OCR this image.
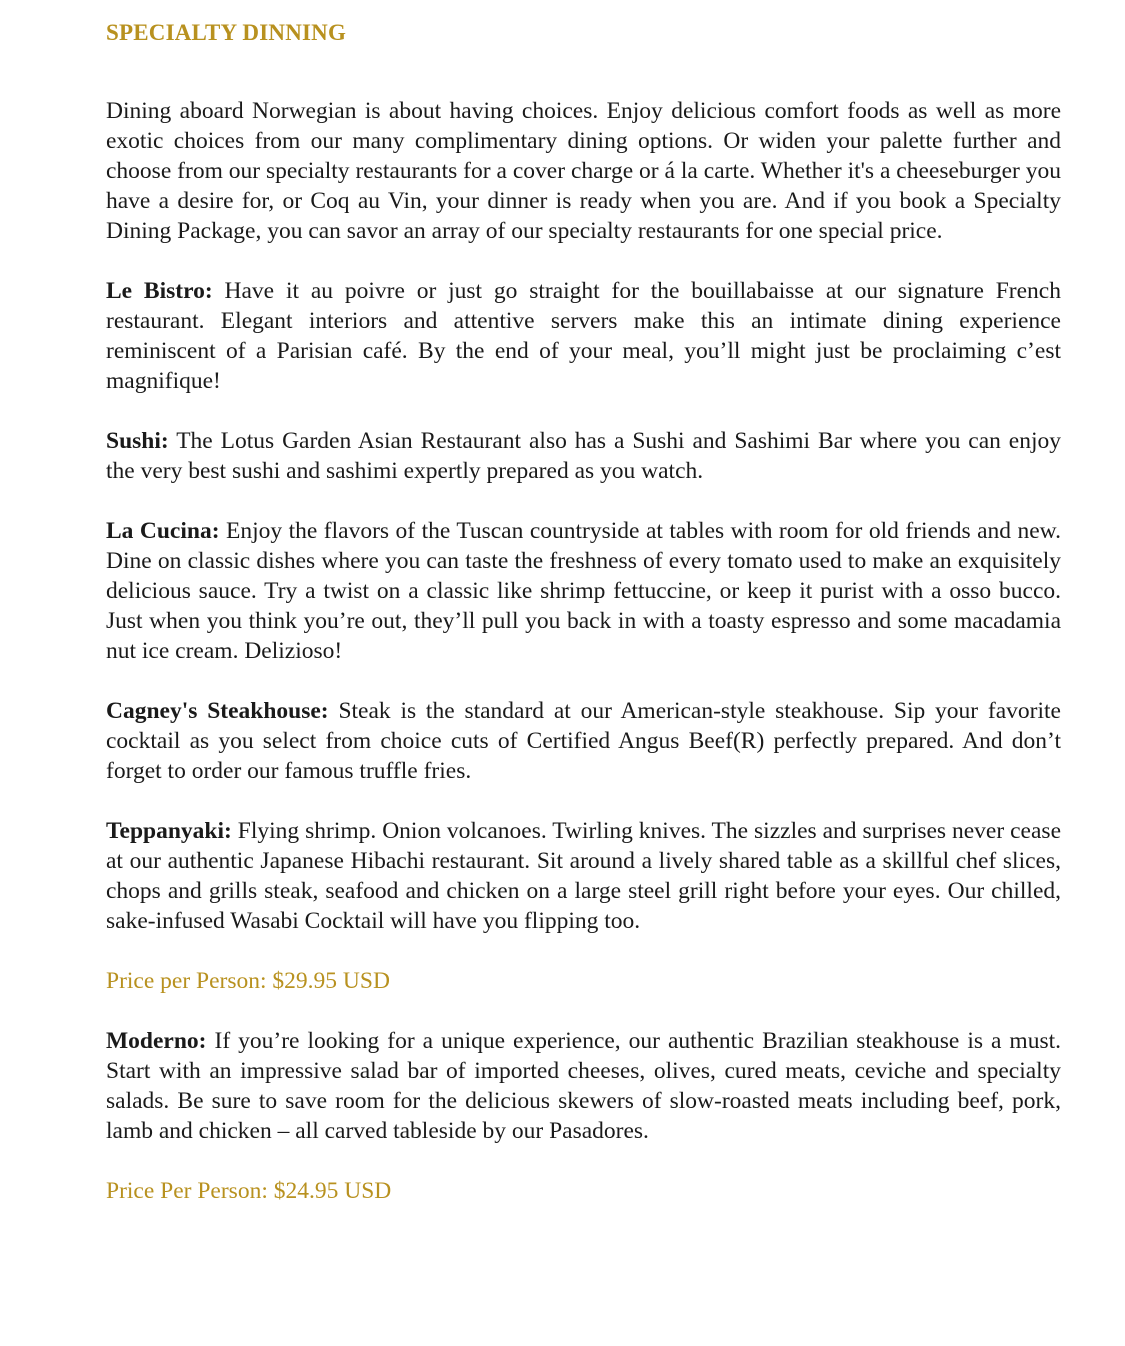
SPECIALTY DINNING

Dining aboard Norwegian is about having choices. Enjoy delicious comfort foods as well as more exotic choices from our many complimentary dining options. Or widen your palette further and choose from our specialty restaurants for a cover charge or á la carte. Whether it's a cheeseburger you have a desire for, or Coq au Vin, your dinner is ready when you are. And if you book a Specialty Dining Package, you can savor an array of our specialty restaurants for one special price.

Le Bistro: Have it au poivre or just go straight for the bouillabaisse at our signature French restaurant. Elegant interiors and attentive servers make this an intimate dining experience reminiscent of a Parisian café. By the end of your meal, you’ll might just be proclaiming c’est magnifique!

Sushi: The Lotus Garden Asian Restaurant also has a Sushi and Sashimi Bar where you can enjoy the very best sushi and sashimi expertly prepared as you watch.

La Cucina: Enjoy the flavors of the Tuscan countryside at tables with room for old friends and new. Dine on classic dishes where you can taste the freshness of every tomato used to make an exquisitely delicious sauce. Try a twist on a classic like shrimp fettuccine, or keep it purist with a osso bucco. Just when you think you’re out, they’ll pull you back in with a toasty espresso and some macadamia nut ice cream. Delizioso!

Cagney's Steakhouse: Steak is the standard at our American-style steakhouse. Sip your favorite cocktail as you select from choice cuts of Certified Angus Beef(R) perfectly prepared. And don’t forget to order our famous truffle fries.

Teppanyaki: Flying shrimp. Onion volcanoes. Twirling knives. The sizzles and surprises never cease at our authentic Japanese Hibachi restaurant. Sit around a lively shared table as a skillful chef slices, chops and grills steak, seafood and chicken on a large steel grill right before your eyes. Our chilled, sake-infused Wasabi Cocktail will have you flipping too.

Price per Person: $29.95 USD

Moderno: If you’re looking for a unique experience, our authentic Brazilian steakhouse is a must. Start with an impressive salad bar of imported cheeses, olives, cured meats, ceviche and specialty salads. Be sure to save room for the delicious skewers of slow-roasted meats including beef, pork, lamb and chicken – all carved tableside by our Pasadores.

Price Per Person: $24.95 USD
